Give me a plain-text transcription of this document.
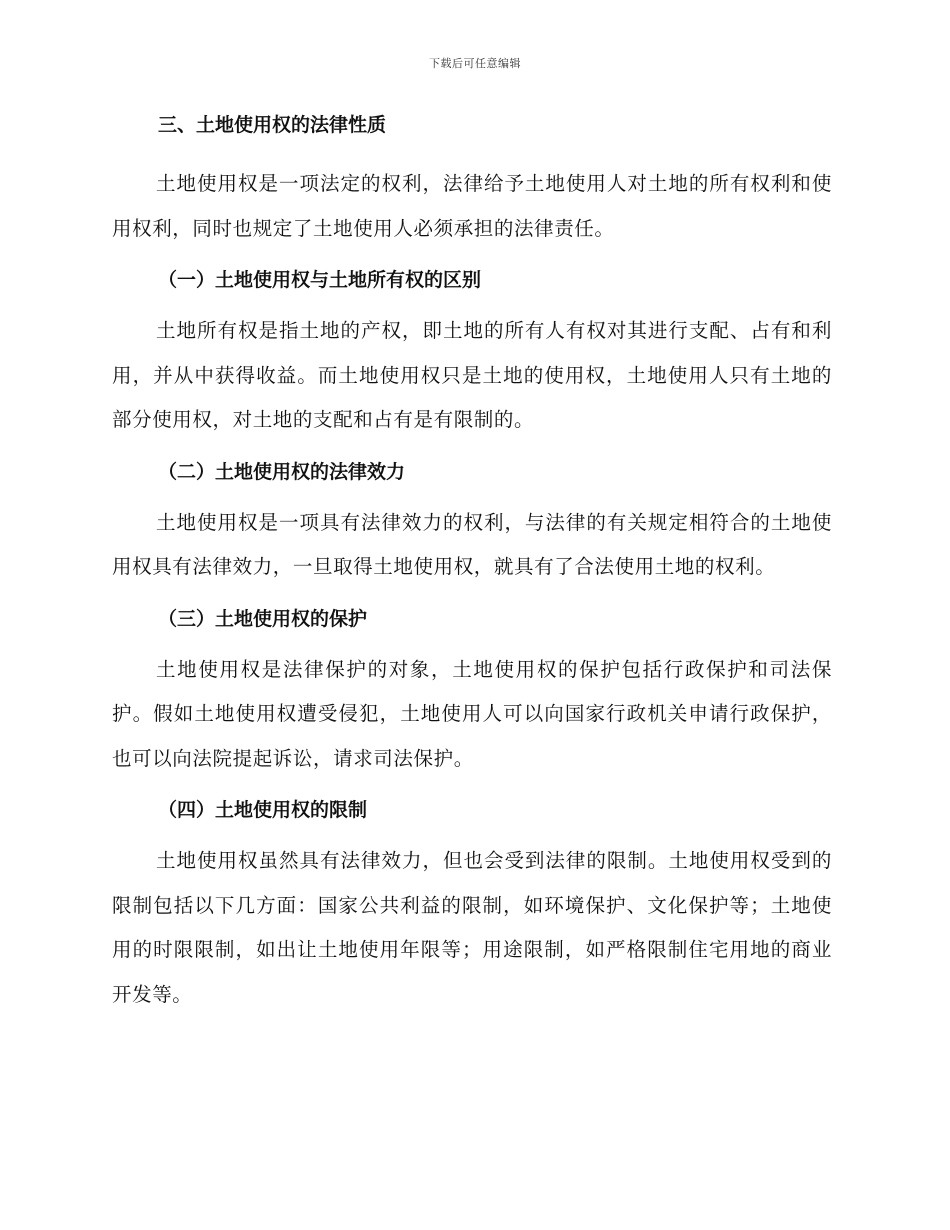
下载后可任意编辑
三、土地使用权的法律性质

土地使用权是一项法定的权利，法律给予土地使用人对土地的所有权利和使用权利，同时也规定了土地使用人必须承担的法律责任。

（一）土地使用权与土地所有权的区别

土地所有权是指土地的产权，即土地的所有人有权对其进行支配、占有和利用，并从中获得收益。而土地使用权只是土地的使用权，土地使用人只有土地的部分使用权，对土地的支配和占有是有限制的。

（二）土地使用权的法律效力

土地使用权是一项具有法律效力的权利，与法律的有关规定相符合的土地使用权具有法律效力，一旦取得土地使用权，就具有了合法使用土地的权利。

（三）土地使用权的保护

土地使用权是法律保护的对象，土地使用权的保护包括行政保护和司法保护。假如土地使用权遭受侵犯，土地使用人可以向国家行政机关申请行政保护，也可以向法院提起诉讼，请求司法保护。

（四）土地使用权的限制

土地使用权虽然具有法律效力，但也会受到法律的限制。土地使用权受到的限制包括以下几方面：国家公共利益的限制，如环境保护、文化保护等；土地使用的时限限制，如出让土地使用年限等；用途限制，如严格限制住宅用地的商业开发等。
